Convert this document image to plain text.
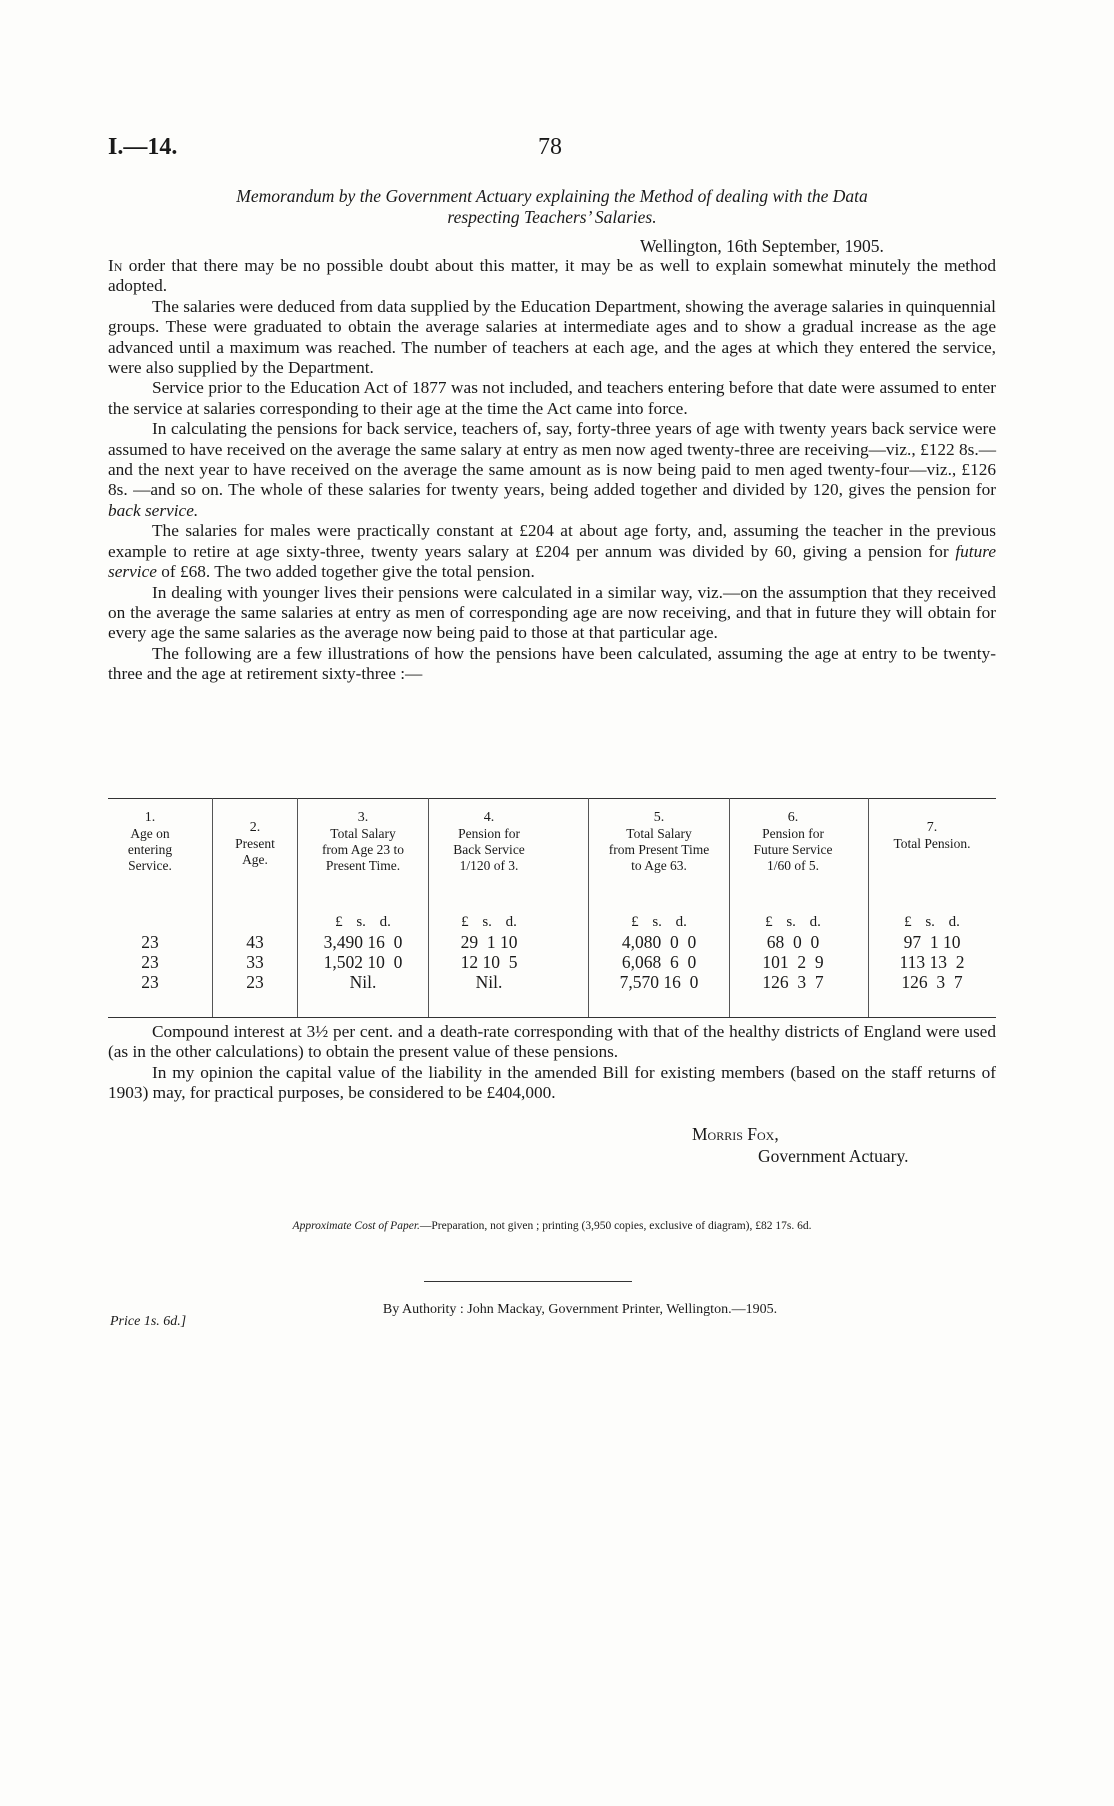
I.—14.	78
Memorandum by the Government Actuary explaining the Method of dealing with the Data
respecting Teachers’ Salaries.
Wellington, 16th September, 1905.

In order that there may be no possible doubt about this matter, it may be as well to explain somewhat minutely the method adopted.

The salaries were deduced from data supplied by the Education Department, showing the average salaries in quinquennial groups. These were graduated to obtain the average salaries at intermediate ages and to show a gradual increase as the age advanced until a maximum was reached. The number of teachers at each age, and the ages at which they entered the service, were also supplied by the Department.

Service prior to the Education Act of 1877 was not included, and teachers entering before that date were assumed to enter the service at salaries corresponding to their age at the time the Act came into force.

In calculating the pensions for back service, teachers of, say, forty-three years of age with twenty years back service were assumed to have received on the average the same salary at entry as men now aged twenty-three are receiving—viz., £122 8s.—and the next year to have received on the average the same amount as is now being paid to men aged twenty-four—viz., £126 8s. —and so on. The whole of these salaries for twenty years, being added together and divided by 120, gives the pension for back service.

The salaries for males were practically constant at £204 at about age forty, and, assuming the teacher in the previous example to retire at age sixty-three, twenty years salary at £204 per annum was divided by 60, giving a pension for future service of £68. The two added together give the total pension.

In dealing with younger lives their pensions were calculated in a similar way, viz.—on the assumption that they received on the average the same salaries at entry as men of corresponding age are now receiving, and that in future they will obtain for every age the same salaries as the average now being paid to those at that particular age.

The following are a few illustrations of how the pensions have been calculated, assuming the age at entry to be twenty-three and the age at retirement sixty-three :—

1.
Age on
entering
Service.
23
23
23
2.
Present
Age.
43
33
23
3.
Total Salary
from Age 23 to
Present Time.
£ s. d.
3,490 16  0
1,502 10  0
Nil.
4.
Pension for
Back Service
1/120 of 3.
£ s. d.
29  1 10
12 10  5
Nil.
5.
Total Salary
from Present Time
to Age 63.
£ s. d.
4,080  0  0
6,068  6  0
7,570 16  0
6.
Pension for
Future Service
1/60 of 5.
£ s. d.
68  0  0
101  2  9
126  3  7
7.
Total Pension.
£ s. d.
97  1 10
113 13  2
126  3  7

Compound interest at 3½ per cent. and a death-rate corresponding with that of the healthy districts of England were used (as in the other calculations) to obtain the present value of these pensions.

In my opinion the capital value of the liability in the amended Bill for existing members (based on the staff returns of 1903) may, for practical purposes, be considered to be £404,000.

Morris Fox,
Government Actuary.
Approximate Cost of Paper.—Preparation, not given ; printing (3,950 copies, exclusive of diagram), £82 17s. 6d.
Price 1s. 6d.]
By Authority : John Mackay, Government Printer, Wellington.—1905.
